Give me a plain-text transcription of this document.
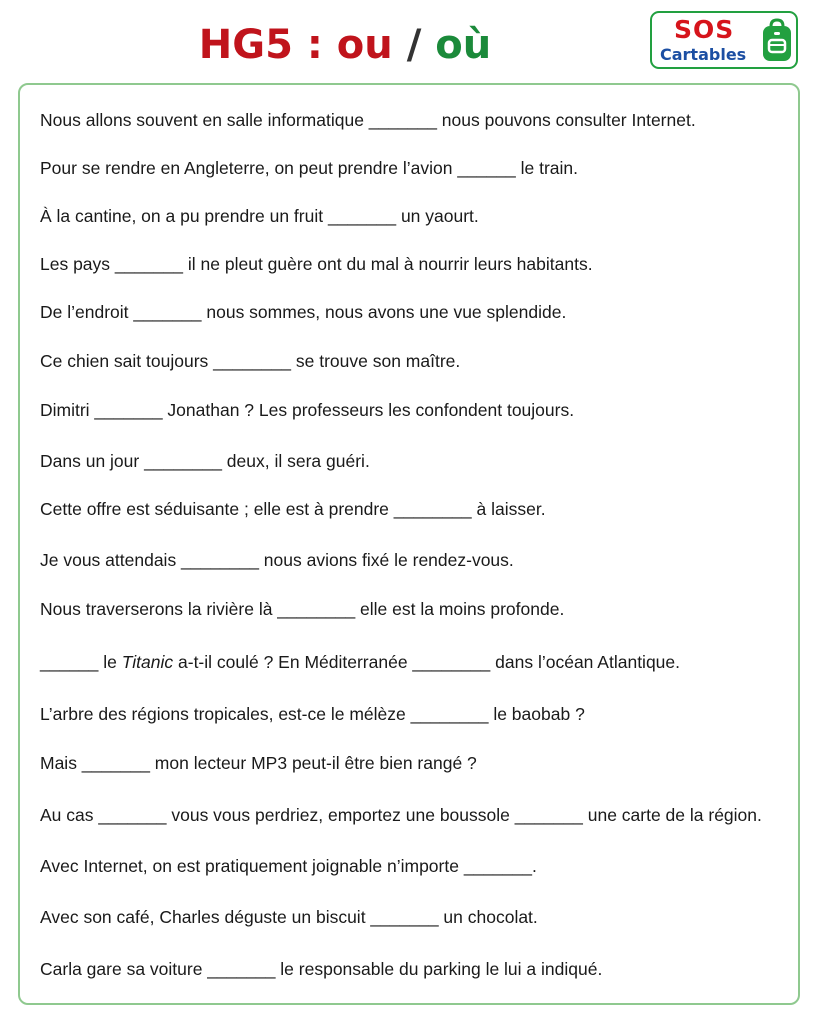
HG5 : ou / où	SOS
Cartables
Nous allons souvent en salle informatique _______ nous pouvons consulter Internet.
Pour se rendre en Angleterre, on peut prendre l’avion ______ le train.
À la cantine, on a pu prendre un fruit _______ un yaourt.
Les pays _______ il ne pleut guère ont du mal à nourrir leurs habitants.
De l’endroit _______ nous sommes, nous avons une vue splendide.
Ce chien sait toujours ________ se trouve son maître.
Dimitri _______ Jonathan ? Les professeurs les confondent toujours.
Dans un jour ________ deux, il sera guéri.
Cette offre est séduisante ; elle est à prendre ________ à laisser.
Je vous attendais ________ nous avions fixé le rendez-vous.
Nous traverserons la rivière là ________ elle est la moins profonde.
______ le Titanic a-t-il coulé ? En Méditerranée ________ dans l’océan Atlantique.
L’arbre des régions tropicales, est-ce le mélèze ________ le baobab ?
Mais _______ mon lecteur MP3 peut-il être bien rangé ?
Au cas _______ vous vous perdriez, emportez une boussole _______ une carte de la région.
Avec Internet, on est pratiquement joignable n’importe _______.
Avec son café, Charles déguste un biscuit _______ un chocolat.
Carla gare sa voiture _______ le responsable du parking le lui a indiqué.
